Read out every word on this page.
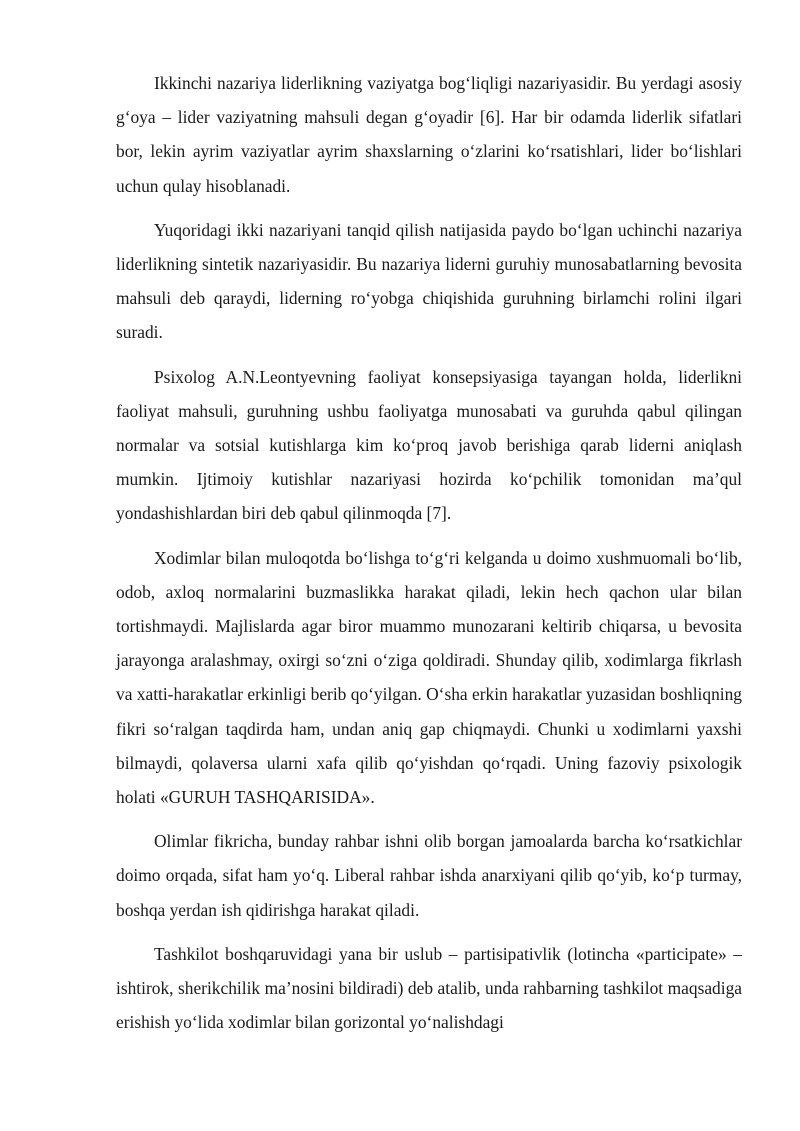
Ikkinchi nazariya liderlikning vaziyatga bog‘liqligi nazariyasidir. Bu yerdagi asosiy g‘oya – lider vaziyatning mahsuli degan g‘oyadir [6]. Har bir odamda liderlik sifatlari bor, lekin ayrim vaziyatlar ayrim shaxslarning o‘zlarini ko‘rsatishlari, lider bo‘lishlari uchun qulay hisoblanadi.

Yuqoridagi ikki nazariyani tanqid qilish natijasida paydo bo‘lgan uchinchi nazariya liderlikning sintetik nazariyasidir. Bu nazariya liderni guruhiy munosabatlarning bevosita mahsuli deb qaraydi, liderning ro‘yobga chiqishida guruhning birlamchi rolini ilgari suradi.

Psixolog A.N.Leontyevning faoliyat konsepsiyasiga tayangan holda, liderlikni faoliyat mahsuli, guruhning ushbu faoliyatga munosabati va guruhda qabul qilingan normalar va sotsial kutishlarga kim ko‘proq javob berishiga qarab liderni aniqlash mumkin. Ijtimoiy kutishlar nazariyasi hozirda ko‘pchilik tomonidan ma’qul yondashishlardan biri deb qabul qilinmoqda [7].

Xodimlar bilan muloqotda bo‘lishga to‘g‘ri kelganda u doimo xushmuomali bo‘lib, odob, axloq normalarini buzmaslikka harakat qiladi, lekin hech qachon ular bilan tortishmaydi. Majlislarda agar biror muammo munozarani keltirib chiqarsa, u bevosita jarayonga aralashmay, oxirgi so‘zni o‘ziga qoldiradi. Shunday qilib, xodimlarga fikrlash va xatti-harakatlar erkinligi berib qo‘yilgan. O‘sha erkin harakatlar yuzasidan boshliqning fikri so‘ralgan taqdirda ham, undan aniq gap chiqmaydi. Chunki u xodimlarni yaxshi bilmaydi, qolaversa ularni xafa qilib qo‘yishdan qo‘rqadi. Uning fazoviy psixologik holati «GURUH TASHQARISIDA».

Olimlar fikricha, bunday rahbar ishni olib borgan jamoalarda barcha ko‘rsatkichlar doimo orqada, sifat ham yo‘q. Liberal rahbar ishda anarxiyani qilib qo‘yib, ko‘p turmay, boshqa yerdan ish qidirishga harakat qiladi.

Tashkilot boshqaruvidagi yana bir uslub – partisipativlik (lotincha «participate» – ishtirok, sherikchilik ma’nosini bildiradi) deb atalib, unda rahbarning tashkilot maqsadiga erishish yo‘lida xodimlar bilan gorizontal yo‘nalishdagi
